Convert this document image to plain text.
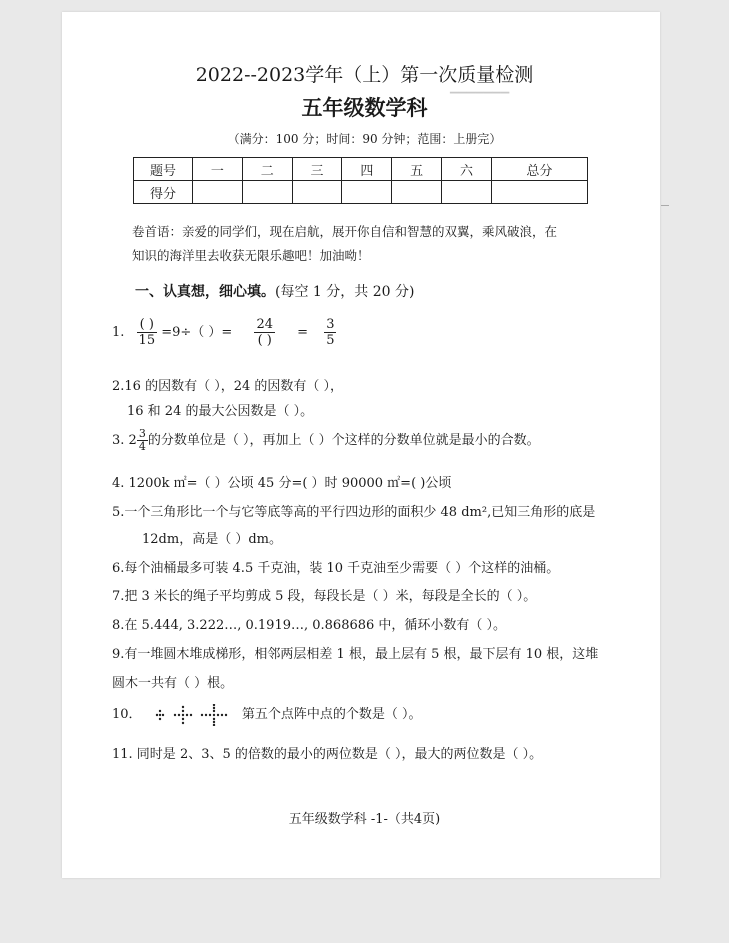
▔▔▔▔▔▔▔
2022--2023学年（上）第一次质量检测
五年级数学科
（满分：100 分；时间：90 分钟；范围：上册完）
题号	一	二	三	四	五	六	总分
得分							
卷首语：亲爱的同学们，现在启航，展开你自信和智慧的双翼，乘风破浪，在
知识的海洋里去收获无限乐趣吧！加油呦！
一、认真想，细心填。(每空 1 分，共 20 分)
1. $\frac{( )}{15} =9\div$（ ）= $\frac{24}{( )} = \frac{3}{5}$
2.16 的因数有（ ），24 的因数有（ ），
16 和 24 的最大公因数是（ ）。
3. $2 \frac{3}{4}$ 的分数单位是（ ），再加上（ ）个这样的分数单位就是最小的合数。
4. 1200k ㎡=（ ）公顷 45 分=( ）时 90000 ㎡=( )公顷
5.一个三角形比一个与它等底等高的平行四边形的面积少 48 dm²,已知三角形的底是
12dm，高是（ ）dm。
6.每个油桶最多可装 4.5 千克油，装 10 千克油至少需要（ ）个这样的油桶。
7.把 3 米长的绳子平均剪成 5 段，每段长是（ ）米，每段是全长的（ ）。
8.在 5.444, 3.222…, 0.1919…, 0.868686 中，循环小数有（ ）。
9.有一堆圆木堆成梯形，相邻两层相差 1 根，最上层有 5 根，最下层有 10 根，这堆
圆木一共有（ ）根。
10．	第五个点阵中点的个数是（ ）。
11. 同时是 2、3、5 的倍数的最小的两位数是（ ），最大的两位数是（ ）。
五年级数学科 -1-（共4页)
